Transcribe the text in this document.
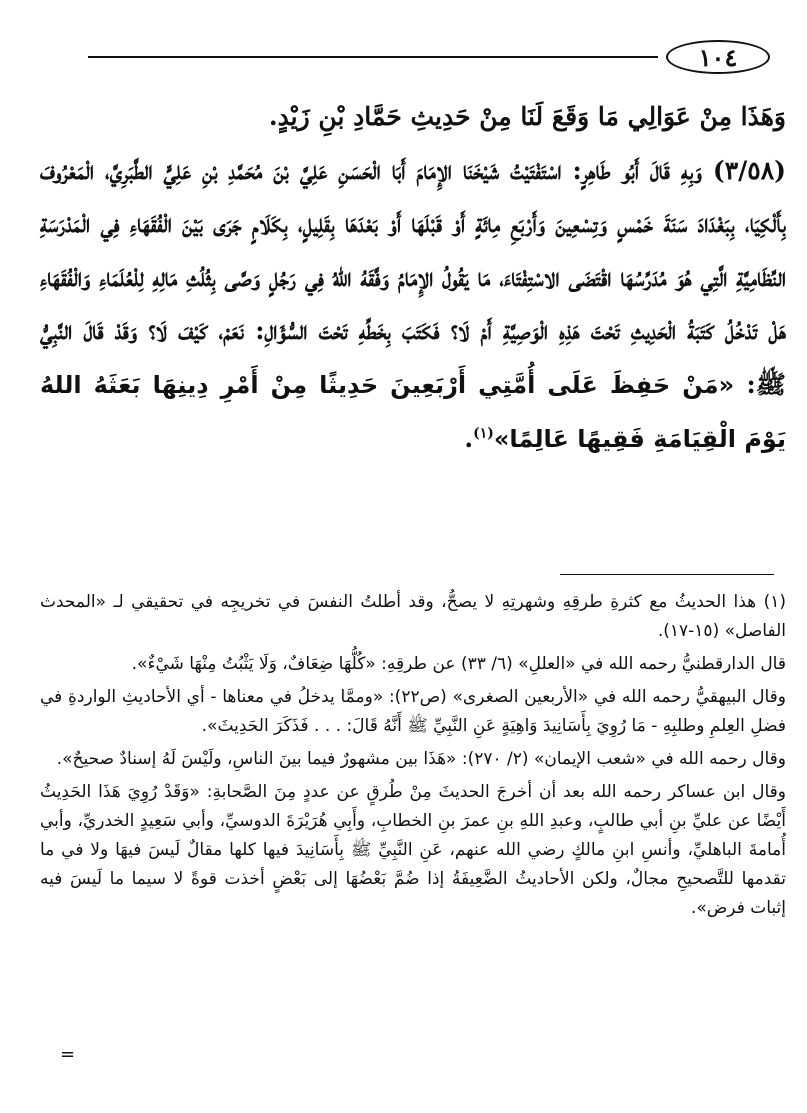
١٠٤

وَهَذَا مِنْ عَوَالِي مَا وَقَعَ لَنَا مِنْ حَدِيثِ حَمَّادِ بْنِ زَيْدٍ.

(٣/٥٨) وَبِهِ قَالَ أَبُو طَاهِرٍ: اسْتَفْتَيْتُ شَيْخَنَا الإِمَامَ أَبَا الْحَسَنِ عَلِيَّ بْنَ مُحَمَّدِ بْنِ عَلِيٍّ الطَّبَرِيَّ، الْمَعْرُوفَ بِأَلْكِيَا، بِبَغْدَادَ سَنَةَ خَمْسٍ وَتِسْعِينَ وَأَرْبَعِ مِائَةٍ أَوْ قَبْلَهَا أَوْ بَعْدَهَا بِقَلِيلٍ، بِكَلَامٍ جَرَى بَيْنَ الْفُقَهَاءِ فِي الْمَدْرَسَةِ النِّظَامِيَّةِ الَّتِي هُوَ مُدَرِّسُهَا اقْتَضَى الاسْتِفْتَاءَ، مَا يَقُولُ الإِمَامُ وَفَّقَهُ اللهُ فِي رَجُلٍ وَصَّى بِثُلُثِ مَالِهِ لِلْعُلَمَاءِ وَالْفُقَهَاءِ هَلْ تَدْخُلُ كَتَبَةُ الْحَدِيثِ تَحْتَ هَذِهِ الْوَصِيَّةِ أَمْ لَا؟ فَكَتَبَ بِخَطِّهِ تَحْتَ السُّؤَالِ: نَعَمْ، كَيْفَ لَا؟ وَقَدْ قَالَ النَّبِيُّ ﷺ: «مَنْ حَفِظَ عَلَى أُمَّتِي أَرْبَعِينَ حَدِيثًا مِنْ أَمْرِ دِينِهَا بَعَثَهُ اللهُ يَوْمَ الْقِيَامَةِ فَقِيهًا عَالِمًا»$^{(١)}$.

(١) هذا الحديثُ مع كثرةِ طرقِهِ وشهرتِهِ لا يصحُّ، وقد أطلتُ النفسَ في تخريجِه في تحقيقي لـ «المحدث الفاصل» (١٥-١٧).

قال الدارقطنيُّ رحمه الله في «العللِ» (٦/ ٣٣) عن طرقِهِ: «كُلُّهَا ضِعَافٌ، وَلَا يَثْبُتُ مِنْهَا شَيْءٌ».

وقال البيهقيُّ رحمه الله في «الأربعين الصغرى» (ص٢٢): «وممَّا يدخلُ في معناها - أي الأحاديثِ الواردةِ في فضلِ العِلمِ وطلبِهِ - مَا رُوِيَ بِأَسَانِيدَ وَاهِيَةٍ عَنِ النَّبِيِّ ﷺ أَنَّهُ قَالَ: . . . فَذَكَرَ الحَدِيثَ».

وقال رحمه الله في «شعب الإيمان» (٢/ ٢٧٠): «هَذَا بين مشهورٌ فيما بينَ الناسِ، ولَيْسَ لَهُ إسنادٌ صحيحٌ».

وقال ابن عساكر رحمه الله بعد أن أخرجَ الحديثَ مِنْ طُرقٍ عن عددٍ مِنَ الصَّحابةِ: «وَقَدْ رُوِيَ هَذَا الحَدِيثُ أَيْضًا عن عليِّ بنِ أبي طالبٍ، وعبدِ اللهِ بنِ عمرَ بنِ الخطابِ، وأَبِي هُرَيْرَةَ الدوسيِّ، وأبي سَعِيدٍ الخدريِّ، وأبي أُمامةَ الباهليِّ، وأنسِ ابنِ مالكٍ رضي الله عنهم، عَنِ النَّبِيِّ ﷺ بِأَسَانِيدَ فيها كلها مقالٌ لَيسَ فيهَا ولا في ما تقدمها للتَّصحيحِ مجالٌ، ولكن الأحاديثُ الضَّعِيفَةُ إذا ضُمَّ بَعْضُهَا إلى بَعْضٍ أخذت قوةً لا سيما ما لَيسَ فيه إثبات فرض».

=
